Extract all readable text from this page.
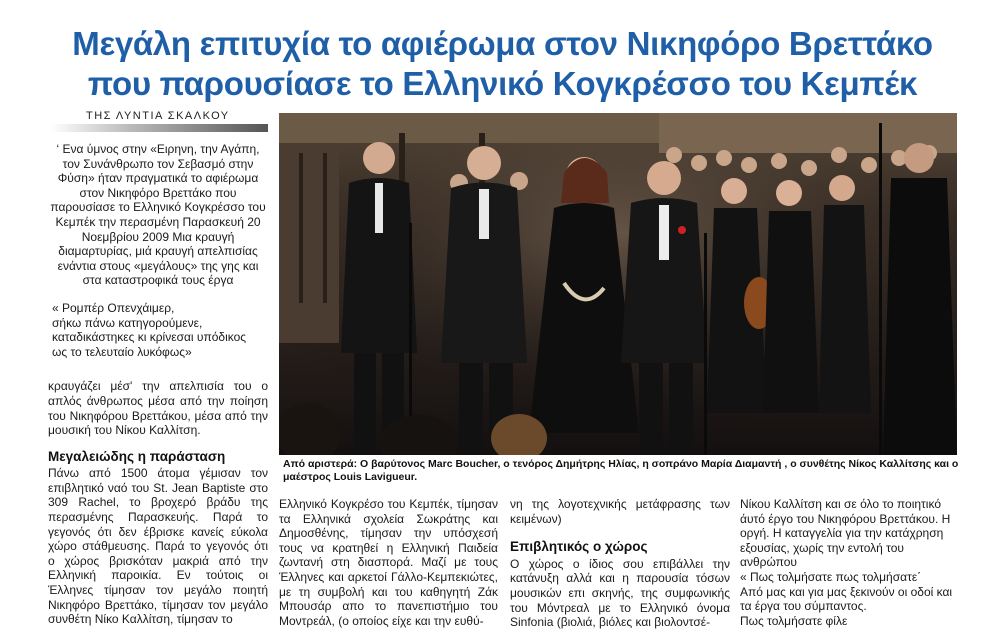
Μεγάλη επιτυχία το αφιέρωμα στον Νικηφόρο Βρεττάκο
που παρουσίασε το Ελληνικό Κογκρέσσο του Κεμπέκ
ΤΗΣ ΛΥΝΤΙΑ ΣΚΑΛΚΟΥ

‘ Ενα ύμνος στην «Ειρηνη, την Αγάπη, τον Συνάνθρωπο τον Σεβασμό στην Φύση» ήταν πραγματικά το αφιέρωμα στον Νικηφόρο Βρεττάκο που παρουσίασε το Ελληνικό Κογκρέσσο του Κεμπέκ την περασμένη Παρασκευή 20 Νοεμβρίου 2009 Μια κραυγή διαμαρτυρίας, μιά κραυγή απελπισίας ενάντια στους «μεγάλους» της γης και στα καταστροφικά τους έργα

« Ρομπέρ Οπενχάιμερ,
σήκω πάνω κατηγορούμενε,
καταδικάστηκες κι κρίνεσαι υπόδικος
ως το τελευταίο λυκόφως»

κραυγάζει μέσ' την απελπισία του ο απλός άνθρωπος μέσα από την ποίηση του Νικηφόρου Βρεττάκου, μέσα από την μουσική του Νίκου Καλλίτση.

Μεγαλειώδης η παράσταση

Πάνω από 1500 άτομα γέμισαν τον επιβλητικό ναό του St. Jean Baptiste στο 309 Rachel, το βροχερό βράδυ της περασμένης Παρασκευής. Παρά το γεγονός ότι δεν έβρισκε κανείς εύκολα χώρο στάθμευσης. Παρά το γεγονός ότι ο χώρος βρισκόταν μακριά από την Ελληνική παροικία. Εν τούτοις οι Έλληνες τίμησαν τον μεγάλο ποιητή Νικηφόρο Βρεττάκο, τίμησαν τον μεγάλο συνθέτη Νίκο Καλλίτση, τίμησαν το

Από αριστερά: Ο βαρύτονος Marc Boucher, ο τενόρος Δημήτρης Ηλίας, η σοπράνο Μαρία Διαμαντή , ο συνθέτης Νίκος Καλλίτσης και ο μαέστρος Louis Lavigueur.

Ελληνικό Κογκρέσο του Κεμπέκ, τίμησαν τα Ελληνικά σχολεία Σωκράτης και Δημοσθένης, τίμησαν την υπόσχεσή τους να κρατηθεί η Ελληνική Παιδεία ζωντανή στη διασπορά. Μαζί με τους Έλληνες και αρκετοί Γάλλο-Κεμπεκιώτες, με τη συμβολή και του καθηγητή Ζάκ Μπουσάρ απο το πανεπιστήμιο του Μοντρεάλ, (ο οποίος είχε και την ευθύ-

νη της λογοτεχνικής μετάφρασης των κειμένων)

Επιβλητικός ο χώρος

Ο χώρος ο ίδιος σου επιβάλλει την κατάνυξη αλλά και η παρουσία τόσων μουσικών επι σκηνής, της συμφωνικής του Μόντρεαλ με το Ελληνικό όνομα Sinfonia (βιολιά, βιόλες και βιολοντσέ-

Νίκου Καλλίτση και σε όλο το ποιητικό άυτό έργο του Νικηφόρου Βρεττάκου. Η οργή. Η καταγγελία για την κατάχρηση εξουσίας, χωρίς την εντολή του ανθρώπου
« Πως τολμήσατε πως τολμήσατε΄
Από μας και για μας ξεκινούν οι οδοί και τα έργα του σύμπαντος.
Πως τολμήσατε φίλε
